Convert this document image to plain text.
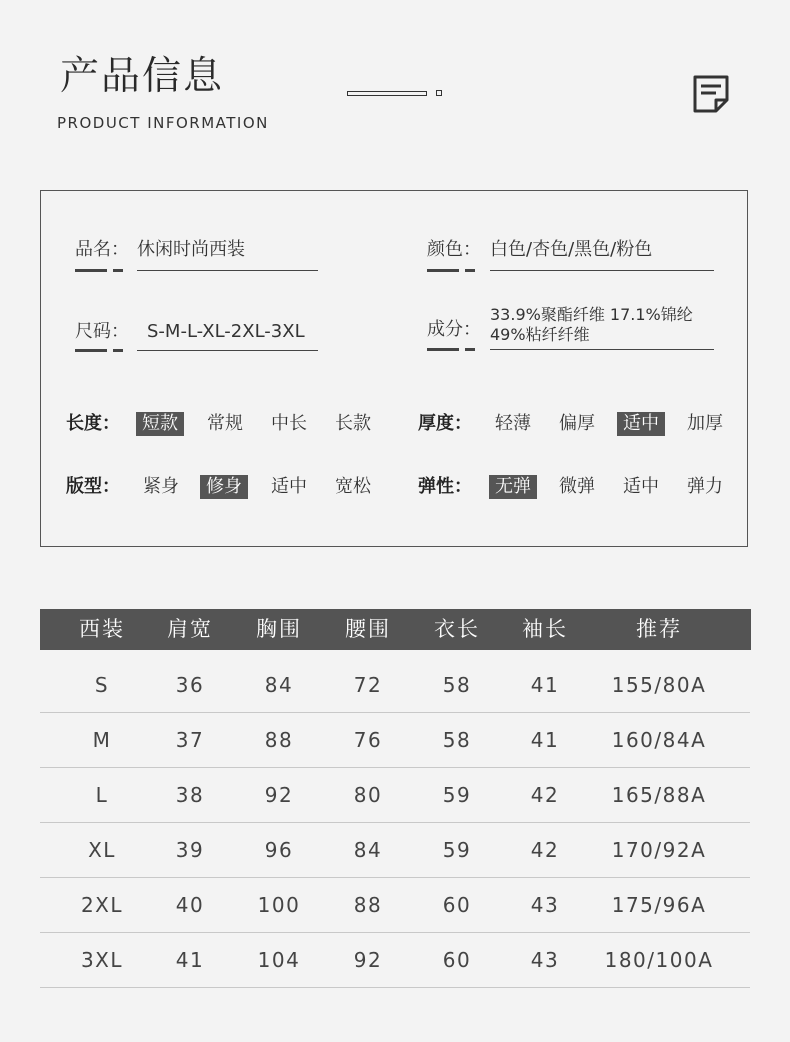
产品信息
PRODUCT INFORMATION
品名： 休闲时尚西装	颜色： 白色/杏色/黑色/粉色
尺码： S-M-L-XL-2XL-3XL	成分：
33.9%聚酯纤维 17.1%锦纶
49%粘纤纤维
长度：	短款	常规	中长	长款	厚度：	轻薄	偏厚	适中	加厚
版型：	紧身	修身	适中	宽松	弹性：	无弹	微弹	适中	弹力
西装	肩宽	胸围	腰围	衣长	袖长	推荐
S	36	84	72	58	41	155/80A
M	37	88	76	58	41	160/84A
L	38	92	80	59	42	165/88A
XL	39	96	84	59	42	170/92A
2XL	40	100	88	60	43	175/96A
3XL	41	104	92	60	43	180/100A
